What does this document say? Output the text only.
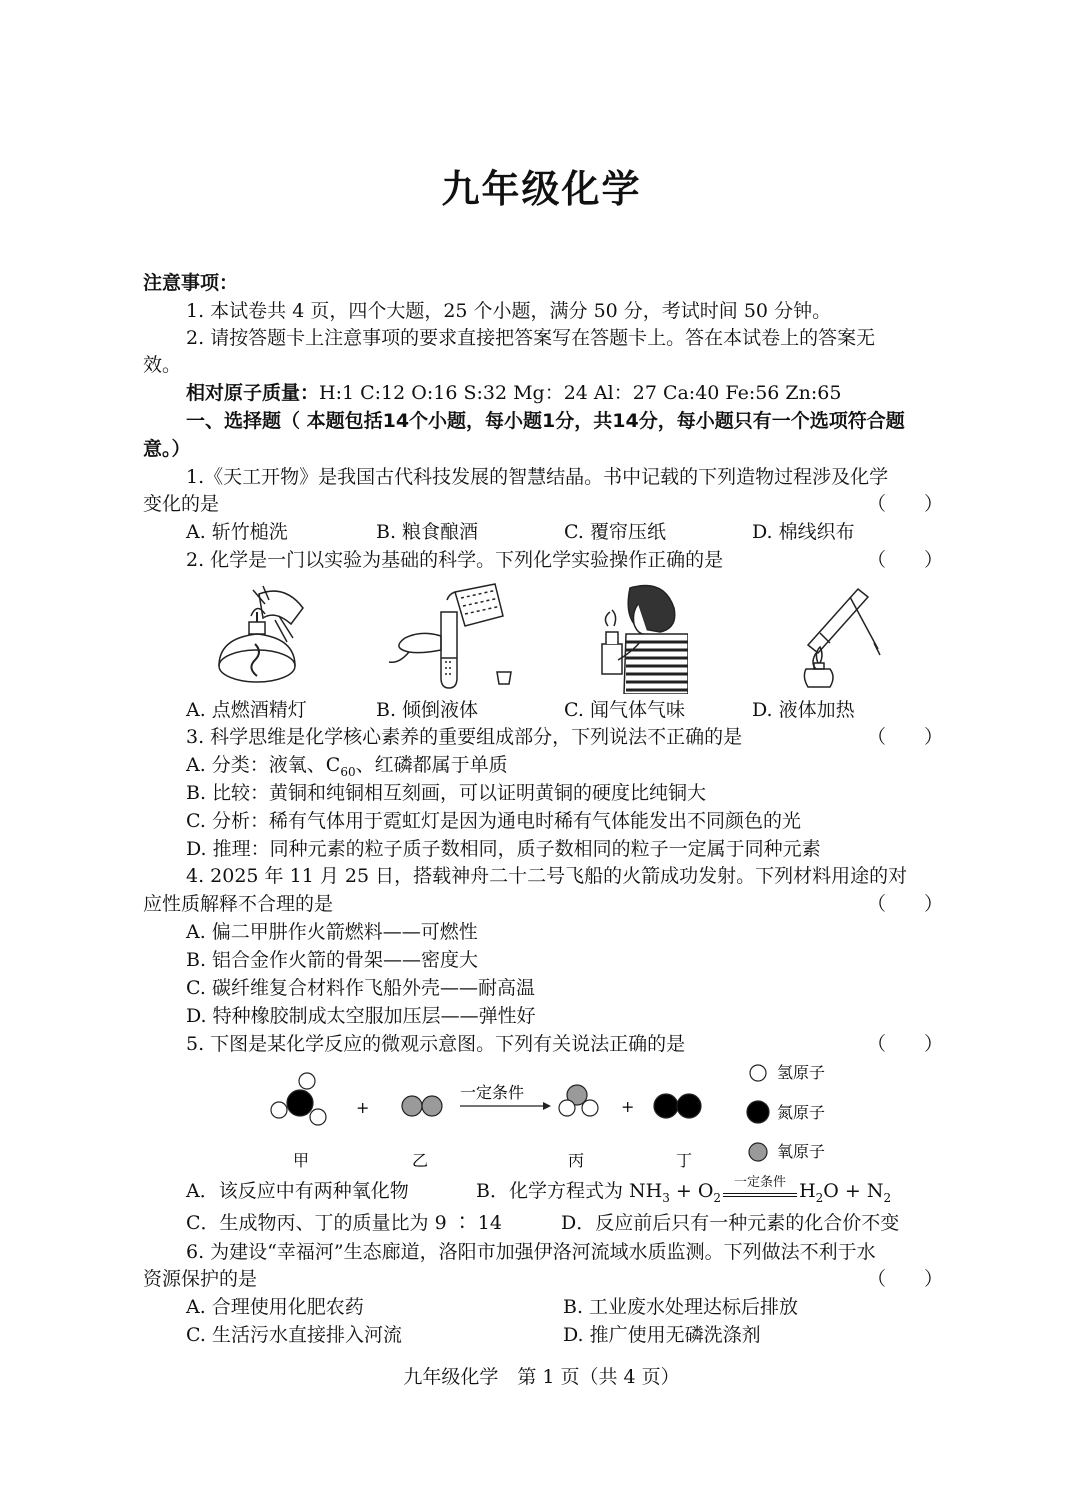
九年级化学
注意事项：
1. 本试卷共 4 页，四个大题，25 个小题，满分 50 分，考试时间 50 分钟。
2. 请按答题卡上注意事项的要求直接把答案写在答题卡上。答在本试卷上的答案无
效。
相对原子质量：H:1 C:12 O:16 S:32 Mg：24 Al：27 Ca:40 Fe:56 Zn:65
一、选择题（ 本题包括14个小题，每小题1分，共14分，每小题只有一个选项符合题
意。）
1.《天工开物》是我国古代科技发展的智慧结晶。书中记载的下列造物过程涉及化学
变化的是	（　　）
A. 斩竹槌洗	B. 粮食酿酒	C. 覆帘压纸	D. 棉线织布
2. 化学是一门以实验为基础的科学。下列化学实验操作正确的是	（　　）
A. 点燃酒精灯	B. 倾倒液体	C. 闻气体气味	D. 液体加热
3. 科学思维是化学核心素养的重要组成部分，下列说法不正确的是	（　　）
A. 分类：液氧、$C_{60}$、红磷都属于单质
B. 比较：黄铜和纯铜相互刻画，可以证明黄铜的硬度比纯铜大
C. 分析：稀有气体用于霓虹灯是因为通电时稀有气体能发出不同颜色的光
D. 推理：同种元素的粒子质子数相同，质子数相同的粒子一定属于同种元素
4. 2025 年 11 月 25 日，搭载神舟二十二号飞船的火箭成功发射。下列材料用途的对
应性质解释不合理的是	（　　）
A. 偏二甲肼作火箭燃料——可燃性
B. 铝合金作火箭的骨架——密度大
C. 碳纤维复合材料作飞船外壳——耐高温
D. 特种橡胶制成太空服加压层——弹性好
5. 下图是某化学反应的微观示意图。下列有关说法正确的是	（　　）
+
一定条件
+
氢原子
氮原子
氧原子
甲	乙	丙	丁
A．该反应中有两种氧化物	B．化学方程式为 $NH_3 + O_2$
一定条件 $H_2O + N_2$
C．生成物丙、丁的质量比为 9 ∶ 14	D．反应前后只有一种元素的化合价不变
6. 为建设“幸福河”生态廊道，洛阳市加强伊洛河流域水质监测。下列做法不利于水
资源保护的是	（　　）
A. 合理使用化肥农药	B. 工业废水处理达标后排放
C. 生活污水直接排入河流	D. 推广使用无磷洗涤剂
九年级化学　第 1 页（共 4 页）
